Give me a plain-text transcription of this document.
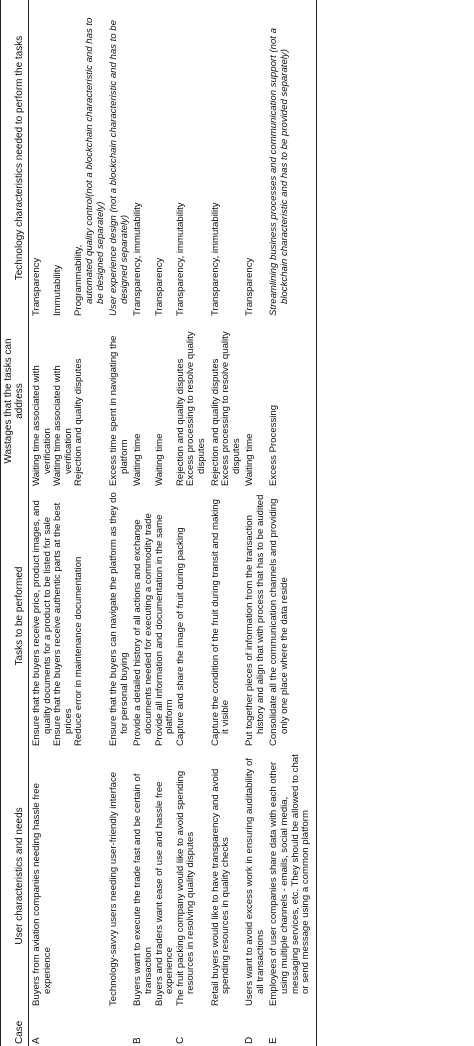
Case	User characteristics and needs	Tasks to be performed	Wastages that the tasks can address	Technology characteristics needed to perform the tasks
A	Buyers from aviation companies needing hassle free experience	Ensure that the buyers receive price, product images, and quality documents for a product to be listed for sale	Waiting time associated with verification	Transparency
		Ensure that the buyers receive authentic parts at the best prices	Waiting time associated with verification	Immutability
		Reduce error in maintenance documentation	Rejection and quality disputes	Programmability,
automated quality control(not a blockchain characteristic and has to be designed separately)
	Technology-savvy users needing user-friendly interface	Ensure that the buyers can navigate the platform as they do for personal buying	Excess time spent in navigating the platform	User experience design (not a blockchain characteristic and has to be designed separately)
B	Buyers want to execute the trade fast and be certain of transaction	Provide a detailed history of all actions and exchange documents needed for executing a commodity trade	Waiting time	Transparency, immutability
	Buyers and traders want ease of use and hassle free experience	Provide all information and documentation in the same platform	Waiting time	Transparency
C	The fruit packing company would like to avoid spending resources in resolving quality disputes	Capture and share the image of fruit during packing	Rejection and quality disputes Excess processing to resolve quality disputes	Transparency, immutability
	Retail buyers would like to have transparency and avoid spending resources in quality checks	Capture the condition of the fruit during transit and making it visible	Rejection and quality disputes Excess processing to resolve quality disputes	Transparency, immutability
D	Users want to avoid excess work in ensuring auditability of all transactions	Put together pieces of information from the transaction history and align that with process that has to be audited	Waiting time	Transparency
E	Employees of user companies share data with each other using multiple channels - emails, social media, messaging services, etc. They should be allowed to chat or send message using a common platform	Consolidate all the communication channels and providing only one place where the data reside	Excess Processing	Streamlining business processes and communication support (not a blockchain characteristic and has to be provided separately)
